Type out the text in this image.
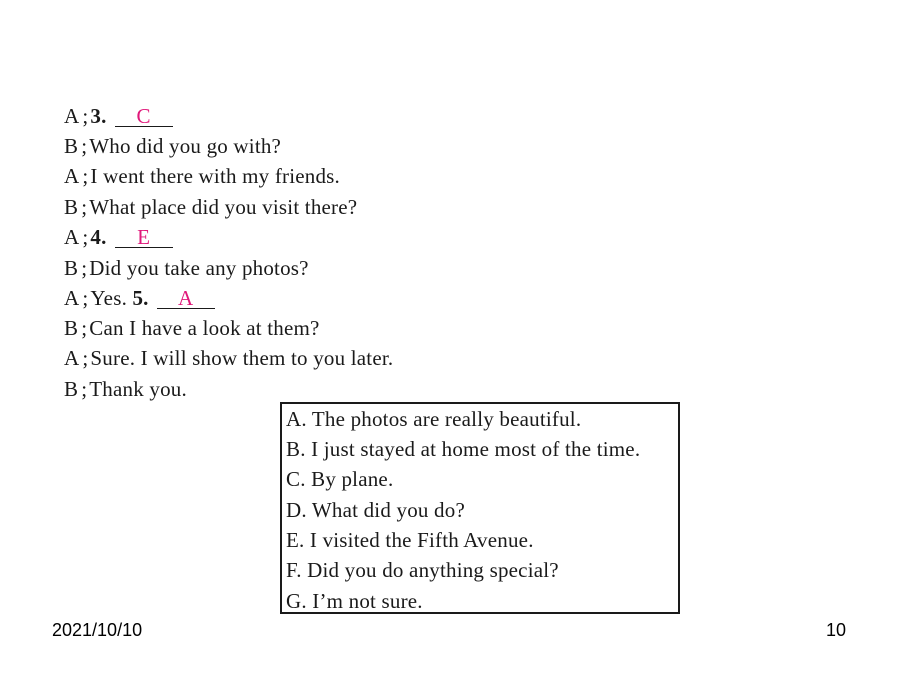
A ;3. C
B ;Who did you go with?
A ;I went there with my friends.
B ;What place did you visit there?
A ;4. E
B ;Did you take any photos?
A ;Yes. 5. A
B ;Can I have a look at them?
A ;Sure. I will show them to you later.
B ;Thank you.
A. The photos are really beautiful.
B. I just stayed at home most of the time.
C. By plane.
D. What did you do?
E. I visited the Fifth Avenue.
F. Did you do anything special?
G. I’m not sure.
2021/10/10	10
